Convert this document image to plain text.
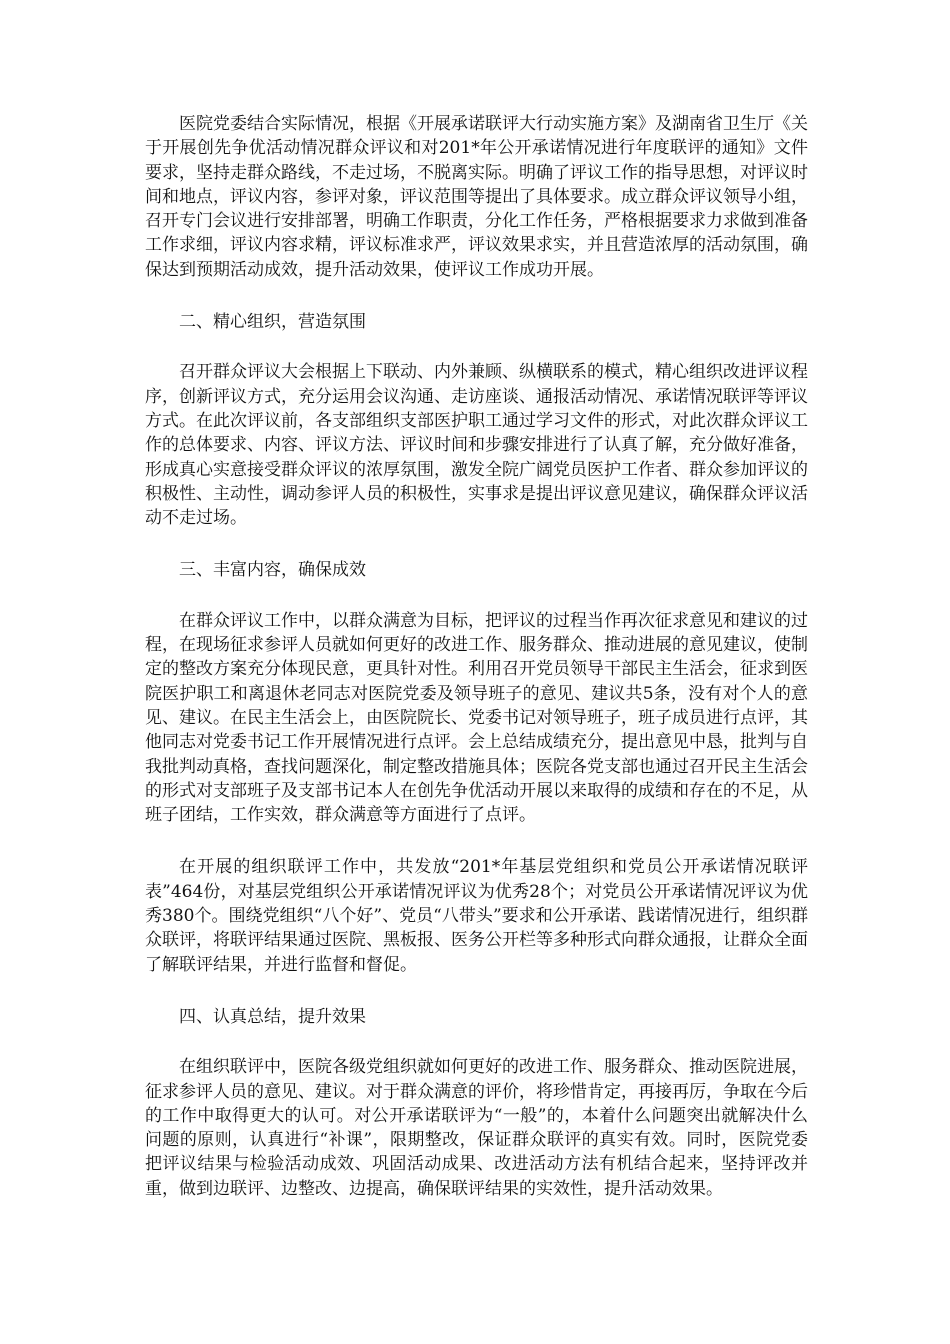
医院党委结合实际情况，根据《开展承诺联评大行动实施方案》及湖南省卫生厅《关于开展创先争优活动情况群众评议和对201*年公开承诺情况进行年度联评的通知》文件要求，坚持走群众路线，不走过场，不脱离实际。明确了评议工作的指导思想，对评议时间和地点，评议内容，参评对象，评议范围等提出了具体要求。成立群众评议领导小组，召开专门会议进行安排部署，明确工作职责，分化工作任务，严格根据要求力求做到准备工作求细，评议内容求精，评议标准求严，评议效果求实，并且营造浓厚的活动氛围，确保达到预期活动成效，提升活动效果，使评议工作成功开展。

二、精心组织，营造氛围

召开群众评议大会根据上下联动、内外兼顾、纵横联系的模式，精心组织改进评议程序，创新评议方式，充分运用会议沟通、走访座谈、通报活动情况、承诺情况联评等评议方式。在此次评议前，各支部组织支部医护职工通过学习文件的形式，对此次群众评议工作的总体要求、内容、评议方法、评议时间和步骤安排进行了认真了解，充分做好准备，形成真心实意接受群众评议的浓厚氛围，激发全院广阔党员医护工作者、群众参加评议的积极性、主动性，调动参评人员的积极性，实事求是提出评议意见建议，确保群众评议活动不走过场。

三、丰富内容，确保成效

在群众评议工作中，以群众满意为目标，把评议的过程当作再次征求意见和建议的过程，在现场征求参评人员就如何更好的改进工作、服务群众、推动进展的意见建议，使制定的整改方案充分体现民意，更具针对性。利用召开党员领导干部民主生活会，征求到医院医护职工和离退休老同志对医院党委及领导班子的意见、建议共5条，没有对个人的意见、建议。在民主生活会上，由医院院长、党委书记对领导班子，班子成员进行点评，其他同志对党委书记工作开展情况进行点评。会上总结成绩充分，提出意见中恳，批判与自我批判动真格，查找问题深化，制定整改措施具体；医院各党支部也通过召开民主生活会的形式对支部班子及支部书记本人在创先争优活动开展以来取得的成绩和存在的不足，从班子团结，工作实效，群众满意等方面进行了点评。

在开展的组织联评工作中，共发放“201*年基层党组织和党员公开承诺情况联评表”464份，对基层党组织公开承诺情况评议为优秀28个；对党员公开承诺情况评议为优秀380个。围绕党组织“八个好”、党员“八带头”要求和公开承诺、践诺情况进行，组织群众联评，将联评结果通过医院、黑板报、医务公开栏等多种形式向群众通报，让群众全面了解联评结果，并进行监督和督促。

四、认真总结，提升效果

在组织联评中，医院各级党组织就如何更好的改进工作、服务群众、推动医院进展，征求参评人员的意见、建议。对于群众满意的评价，将珍惜肯定，再接再厉，争取在今后的工作中取得更大的认可。对公开承诺联评为“一般”的，本着什么问题突出就解决什么问题的原则，认真进行“补课”，限期整改，保证群众联评的真实有效。同时，医院党委把评议结果与检验活动成效、巩固活动成果、改进活动方法有机结合起来，坚持评改并重，做到边联评、边整改、边提高，确保联评结果的实效性，提升活动效果。
